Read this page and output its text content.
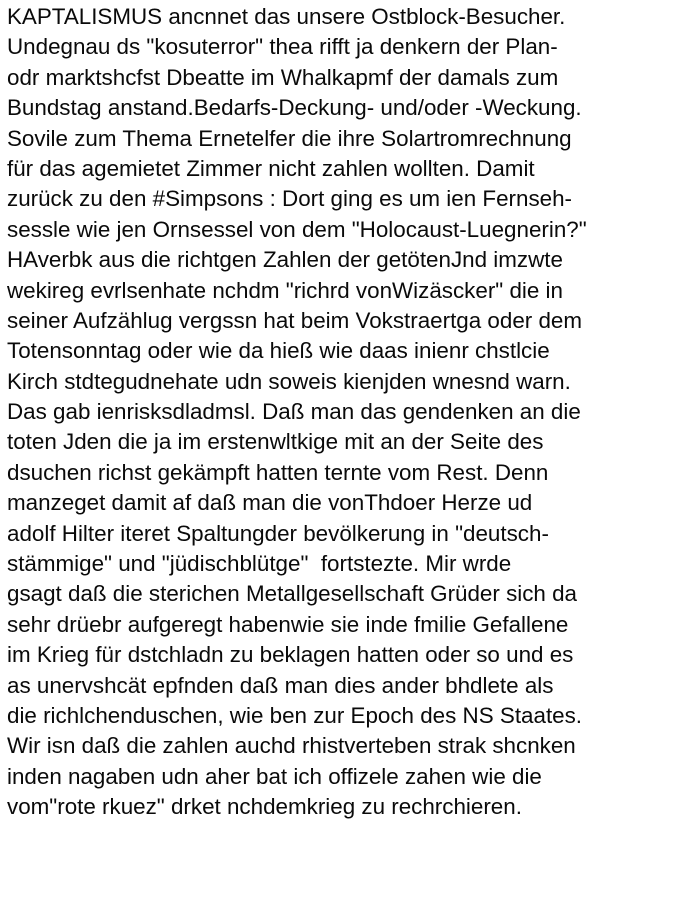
KAPTALISMUS ancnnet das unsere Ostblock-Besucher.
Undegnau ds "kosuterror" thea rifft ja denkern der Plan-
odr marktshcfst Dbeatte im Whalkapmf der damals zum
Bundstag anstand.Bedarfs-Deckung- und/oder -Weckung.
Sovile zum Thema Ernetelfer die ihre Solartromrechnung
für das agemietet Zimmer nicht zahlen wollten. Damit
zurück zu den #Simpsons : Dort ging es um ien Fernseh-
sessle wie jen Ornsessel von dem "Holocaust-Luegnerin?"
HAverbk aus die richtgen Zahlen der getötenJnd imzwte
wekireg evrlsenhate nchdm "richrd vonWizäscker" die in
seiner Aufzählug vergssn hat beim Vokstraertga oder dem
Totensonntag oder wie da hieß wie daas inienr chstlcie
Kirch stdtegudnehate udn soweis kienjden wnesnd warn.
Das gab ienrisksdladmsl. Daß man das gendenken an die
toten Jden die ja im erstenwltkige mit an der Seite des
dsuchen richst gekämpft hatten ternte vom Rest. Denn
manzeget damit af daß man die vonThdoer Herze ud
adolf Hilter iteret Spaltungder bevölkerung in "deutsch-
stämmige" und "jüdischblütge"  fortstezte. Mir wrde
gsagt daß die sterichen Metallgesellschaft Grüder sich da
sehr drüebr aufgeregt habenwie sie inde fmilie Gefallene
im Krieg für dstchladn zu beklagen hatten oder so und es
as unervshcät epfnden daß man dies ander bhdlete als
die richlchenduschen, wie ben zur Epoch des NS Staates.
Wir isn daß die zahlen auchd rhistverteben strak shcnken
inden nagaben udn aher bat ich offizele zahen wie die
vom"rote rkuez" drket nchdemkrieg zu rechrchieren.
